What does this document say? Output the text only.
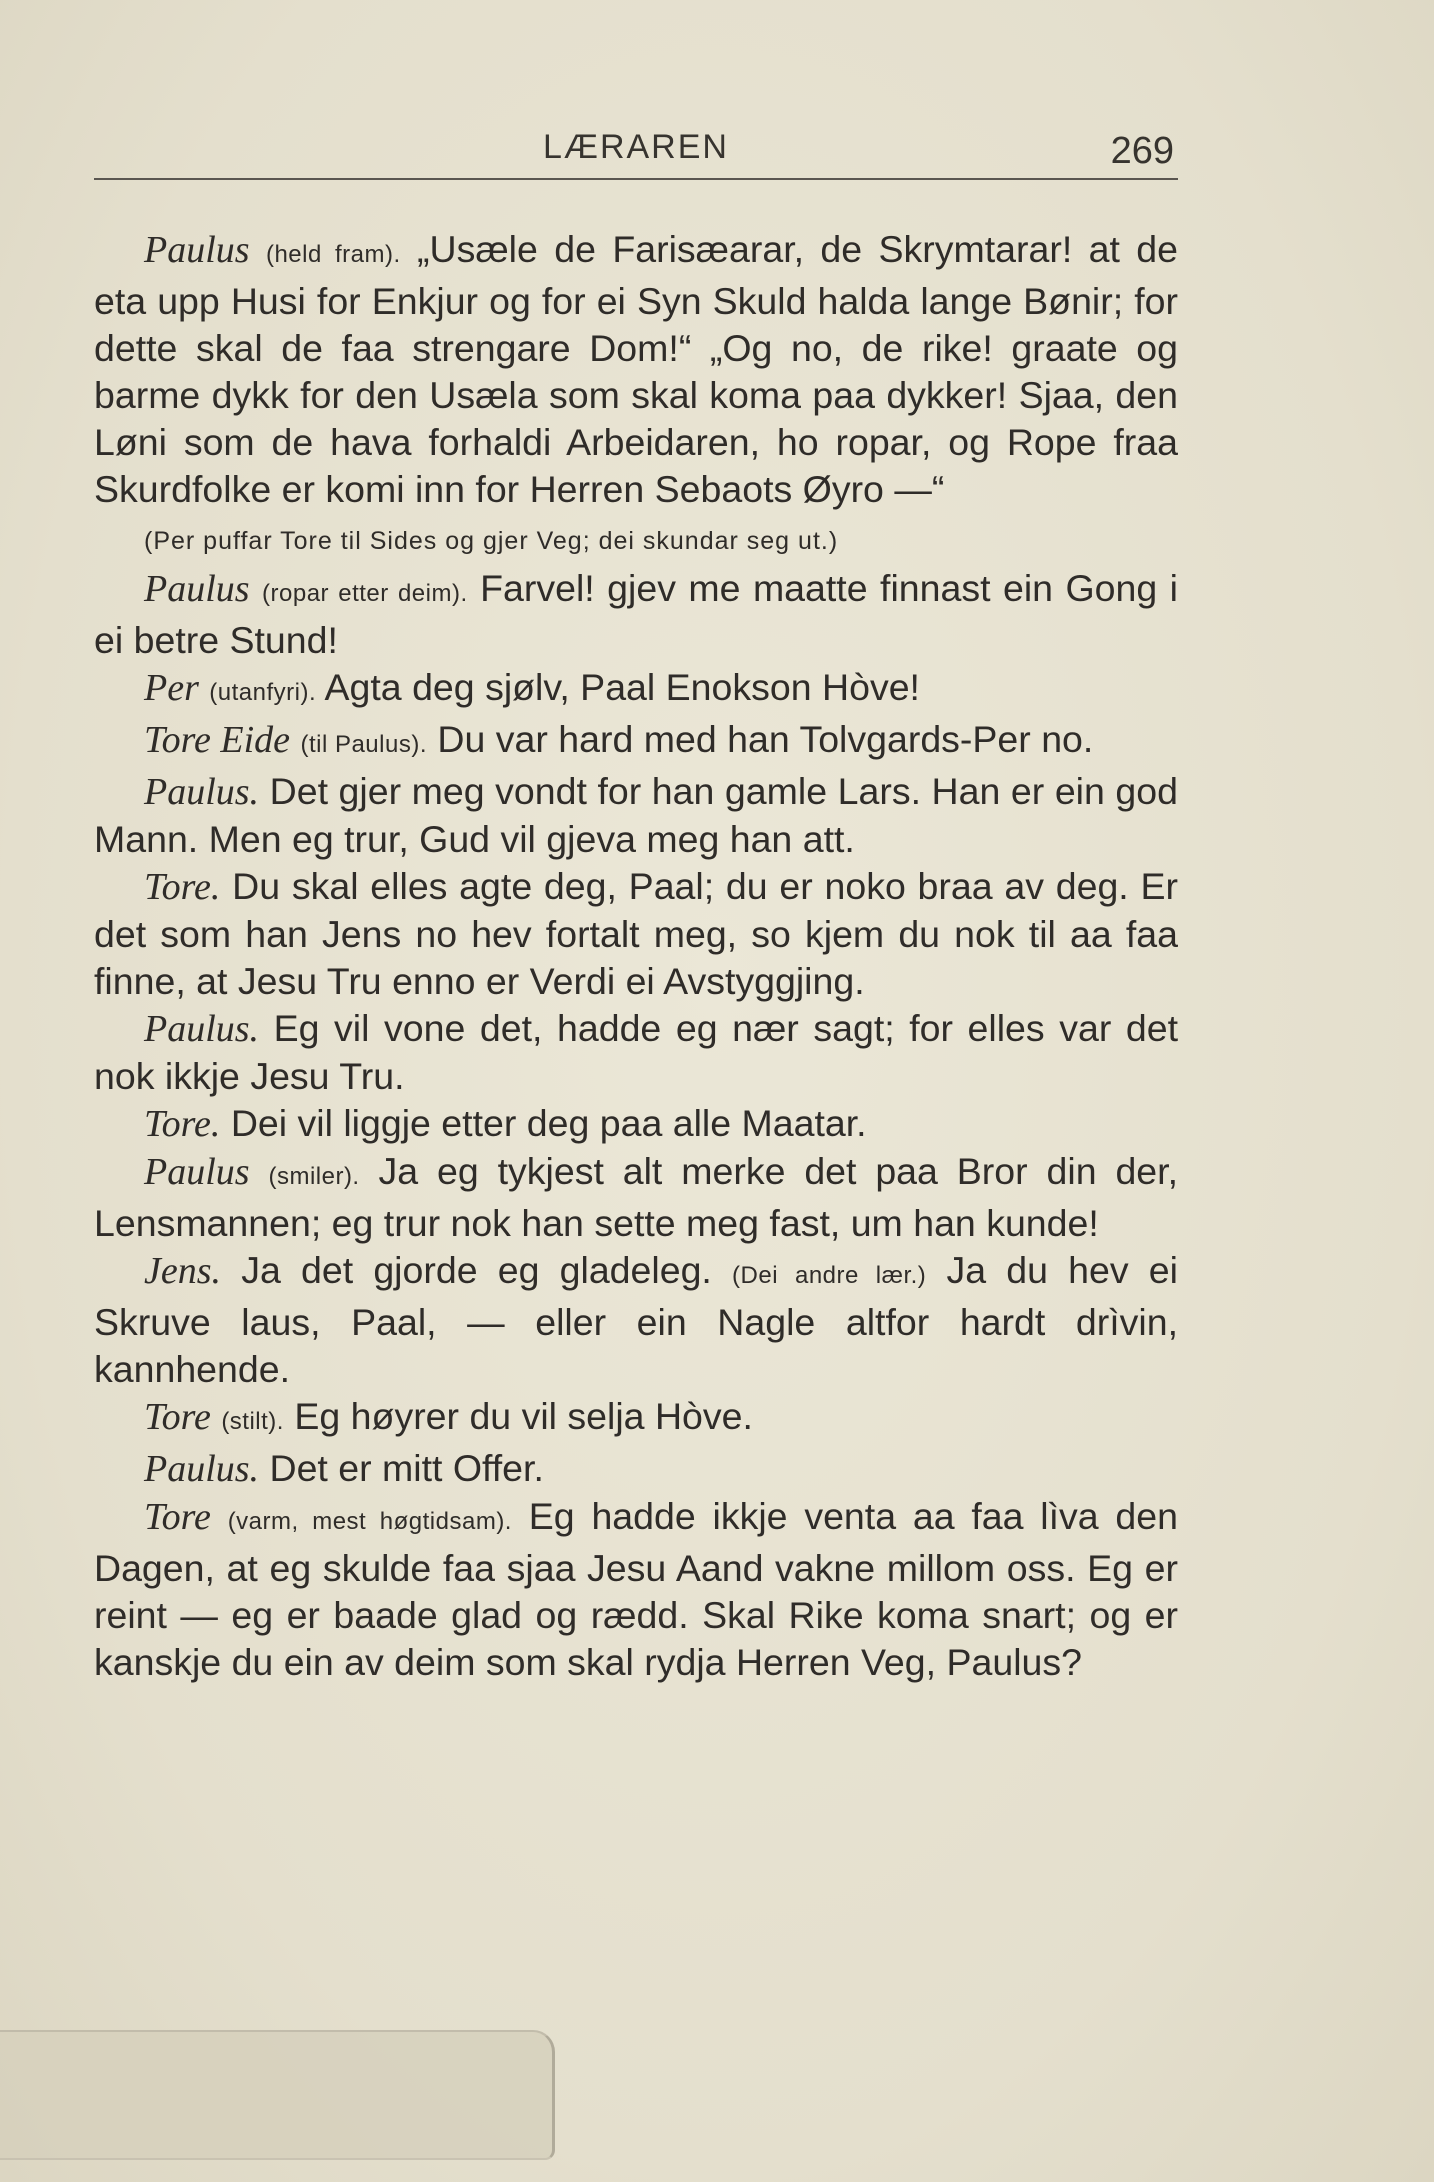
LÆRAREN	269

Paulus (held fram). „Usæle de Farisæarar, de Skrymtarar! at de eta upp Husi for Enkjur og for ei Syn Skuld halda lange Bønir; for dette skal de faa strengare Dom!“ „Og no, de rike! graate og barme dykk for den Usæla som skal koma paa dykker! Sjaa, den Løni som de hava forhaldi Arbeidaren, ho ropar, og Rope fraa Skurdfolke er komi inn for Herren Sebaots Øyro —“

(Per puffar Tore til Sides og gjer Veg; dei skundar seg ut.)

Paulus (ropar etter deim). Farvel! gjev me maatte finnast ein Gong i ei betre Stund!

Per (utanfyri). Agta deg sjølv, Paal Enokson Hòve!

Tore Eide (til Paulus). Du var hard med han Tolvgards-Per no.

Paulus. Det gjer meg vondt for han gamle Lars. Han er ein god Mann. Men eg trur, Gud vil gjeva meg han att.

Tore. Du skal elles agte deg, Paal; du er noko braa av deg. Er det som han Jens no hev fortalt meg, so kjem du nok til aa faa finne, at Jesu Tru enno er Verdi ei Avstyggjing.

Paulus. Eg vil vone det, hadde eg nær sagt; for elles var det nok ikkje Jesu Tru.

Tore. Dei vil liggje etter deg paa alle Maatar.

Paulus (smiler). Ja eg tykjest alt merke det paa Bror din der, Lensmannen; eg trur nok han sette meg fast, um han kunde!

Jens. Ja det gjorde eg gladeleg. (Dei andre lær.) Ja du hev ei Skruve laus, Paal, — eller ein Nagle altfor hardt drìvin, kannhende.

Tore (stilt). Eg høyrer du vil selja Hòve.

Paulus. Det er mitt Offer.

Tore (varm, mest høgtidsam). Eg hadde ikkje venta aa faa lìva den Dagen, at eg skulde faa sjaa Jesu Aand vakne millom oss. Eg er reint — eg er baade glad og rædd. Skal Rike koma snart; og er kanskje du ein av deim som skal rydja Herren Veg, Paulus?
